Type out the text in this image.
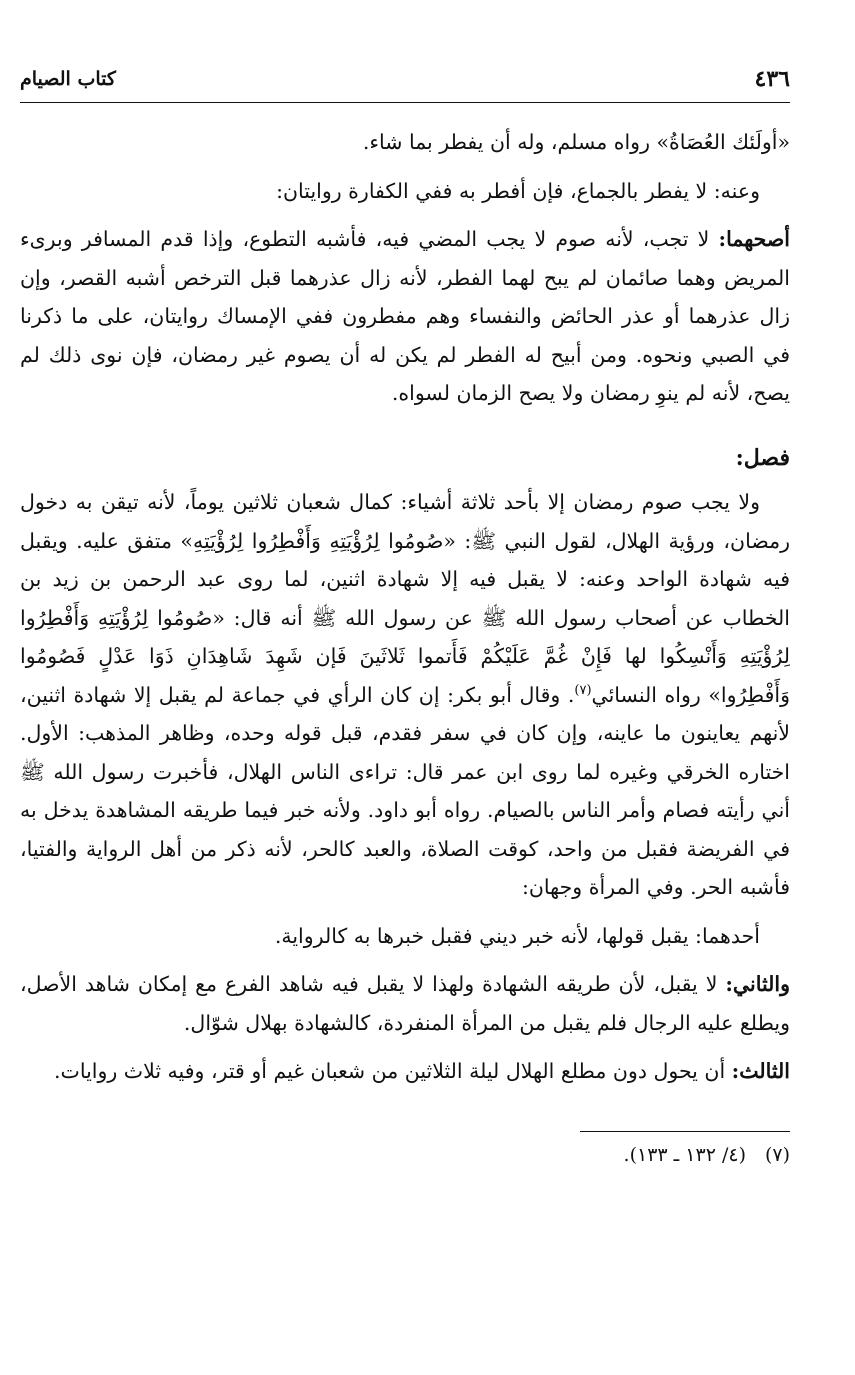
٤٣٦
كتاب الصيام

«أولَئك العُصَاةُ» رواه مسلم، وله أن يفطر بما شاء.

وعنه: لا يفطر بالجماع، فإن أفطر به ففي الكفارة روايتان:

أصحهما: لا تجب، لأنه صوم لا يجب المضي فيه، فأشبه التطوع، وإذا قدم المسافر وبرىء المريض وهما صائمان لم يبح لهما الفطر، لأنه زال عذرهما قبل الترخص أشبه القصر، وإن زال عذرهما أو عذر الحائض والنفساء وهم مفطرون ففي الإمساك روايتان، على ما ذكرنا في الصبي ونحوه. ومن أبيح له الفطر لم يكن له أن يصوم غير رمضان، فإن نوى ذلك لم يصح، لأنه لم ينوِ رمضان ولا يصح الزمان لسواه.

فصل:

ولا يجب صوم رمضان إلا بأحد ثلاثة أشياء: كمال شعبان ثلاثين يوماً، لأنه تيقن به دخول رمضان، ورؤية الهلال، لقول النبي ﷺ: «صُومُوا لِرُؤْيَتِهِ وَأَفْطِرُوا لِرُؤْيَتِهِ» متفق عليه. ويقبل فيه شهادة الواحد وعنه: لا يقبل فيه إلا شهادة اثنين، لما روى عبد الرحمن بن زيد بن الخطاب عن أصحاب رسول الله ﷺ عن رسول الله ﷺ أنه قال: «صُومُوا لِرُؤْيَتِهِ وَأَفْطِرُوا لِرُؤْيَتِهِ وَأَنْسِكُوا لها فَإِنْ غُمَّ عَلَيْكُمْ فَأَتموا ثَلاثَينَ فَإن شَهِدَ شَاهِدَانِ ذَوَا عَدْلٍ فَصُومُوا وَأَفْطِرُوا» رواه النسائي$^{(٧)}$. وقال أبو بكر: إن كان الرأي في جماعة لم يقبل إلا شهادة اثنين، لأنهم يعاينون ما عاينه، وإن كان في سفر فقدم، قبل قوله وحده، وظاهر المذهب: الأول. اختاره الخرقي وغيره لما روى ابن عمر قال: تراءى الناس الهلال، فأخبرت رسول الله ﷺ أني رأيته فصام وأمر الناس بالصيام. رواه أبو داود. ولأنه خبر فيما طريقه المشاهدة يدخل به في الفريضة فقبل من واحد، كوقت الصلاة، والعبد كالحر، لأنه ذكر من أهل الرواية والفتيا، فأشبه الحر. وفي المرأة وجهان:

أحدهما: يقبل قولها، لأنه خبر ديني فقبل خبرها به كالرواية.

والثاني: لا يقبل، لأن طريقه الشهادة ولهذا لا يقبل فيه شاهد الفرع مع إمكان شاهد الأصل، ويطلع عليه الرجال فلم يقبل من المرأة المنفردة، كالشهادة بهلال شوّال.

الثالث: أن يحول دون مطلع الهلال ليلة الثلاثين من شعبان غيم أو قتر، وفيه ثلاث روايات.

(٧)(٤/ ١٣٢ ـ ١٣٣).
